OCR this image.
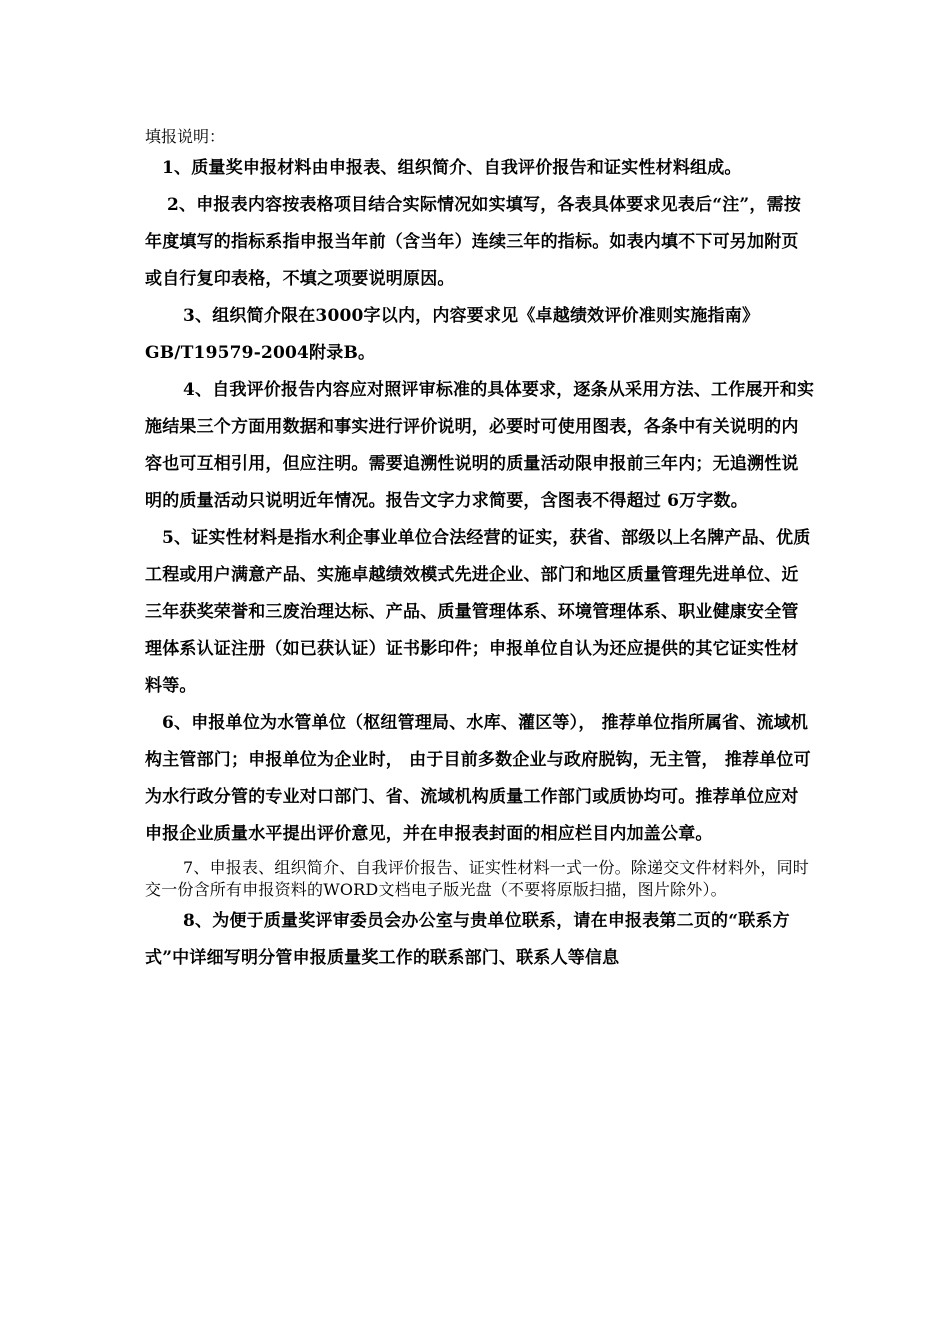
填报说明：

1、质量奖申报材料由申报表、组织简介、自我评价报告和证实性材料组成。

2、申报表内容按表格项目结合实际情况如实填写，各表具体要求见表后“注”，需按年度填写的指标系指申报当年前（含当年）连续三年的指标。如表内填不下可另加附页或自行复印表格，不填之项要说明原因。

3、组织简介限在3000字以内，内容要求见《卓越绩效评价准则实施指南》GB/T19579-2004附录B。

4、自我评价报告内容应对照评审标准的具体要求，逐条从采用方法、工作展开和实施结果三个方面用数据和事实进行评价说明，必要时可使用图表，各条中有关说明的内容也可互相引用，但应注明。需要追溯性说明的质量活动限申报前三年内；无追溯性说明的质量活动只说明近年情况。报告文字力求简要，含图表不得超过 6万字数。

5、证实性材料是指水利企事业单位合法经营的证实，获省、部级以上名牌产品、优质工程或用户满意产品、实施卓越绩效模式先进企业、部门和地区质量管理先进单位、近三年获奖荣誉和三废治理达标、产品、质量管理体系、环境管理体系、职业健康安全管理体系认证注册（如已获认证）证书影印件；申报单位自认为还应提供的其它证实性材料等。

6、申报单位为水管单位（枢纽管理局、水库、灌区等）， 推荐单位指所属省、流域机构主管部门；申报单位为企业时， 由于目前多数企业与政府脱钩，无主管， 推荐单位可为水行政分管的专业对口部门、省、流域机构质量工作部门或质协均可。推荐单位应对申报企业质量水平提出评价意见，并在申报表封面的相应栏目内加盖公章。

7、申报表、组织简介、自我评价报告、证实性材料一式一份。除递交文件材料外，同时交一份含所有申报资料的WORD文档电子版光盘（不要将原版扫描，图片除外）。

8、为便于质量奖评审委员会办公室与贵单位联系，请在申报表第二页的“联系方式”中详细写明分管申报质量奖工作的联系部门、联系人等信息
